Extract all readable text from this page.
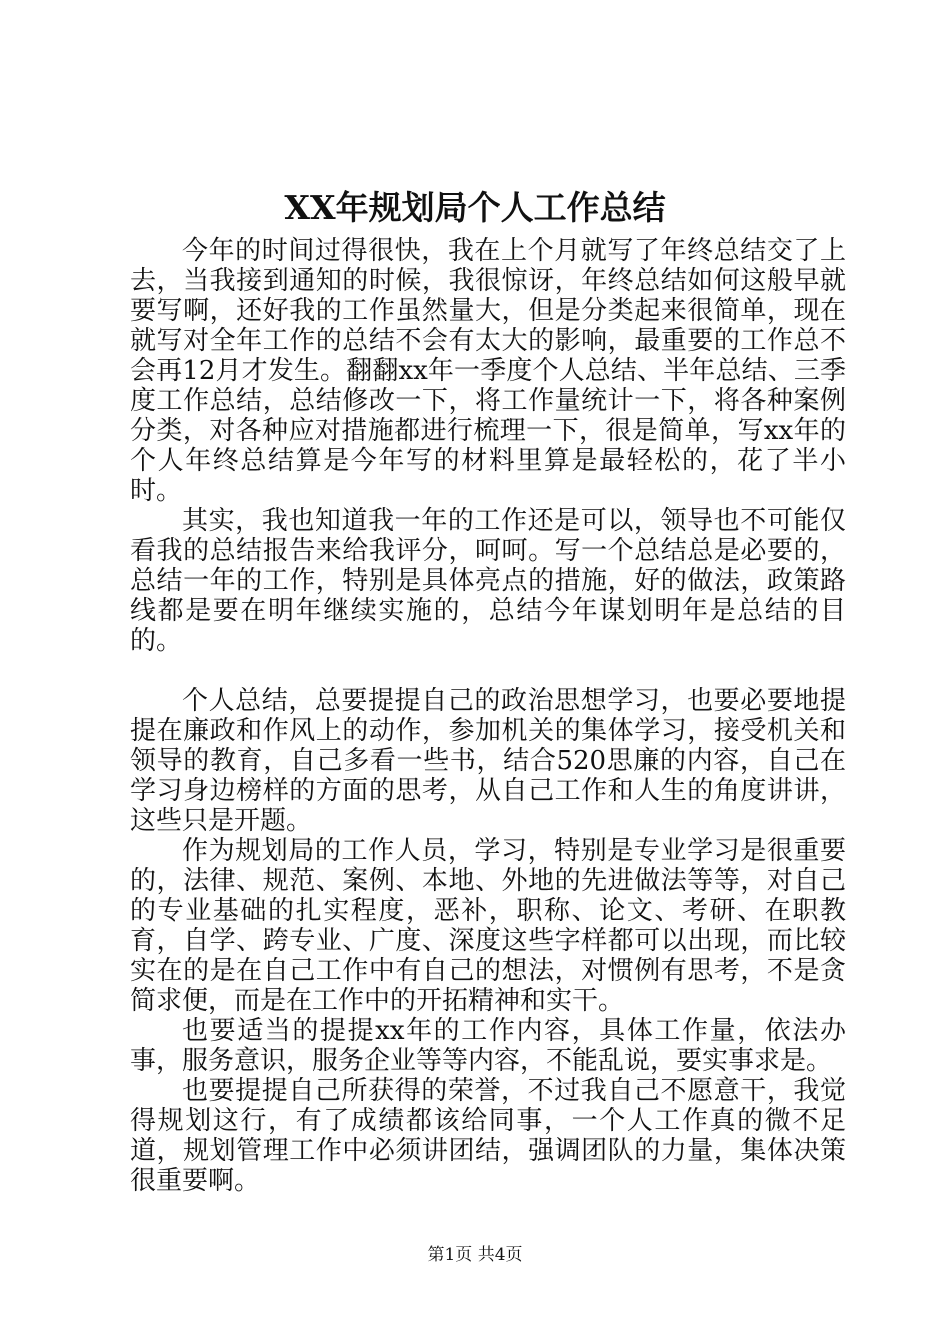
XX年规划局个人工作总结

今年的时间过得很快，我在上个月就写了年终总结交了上去，当我接到通知的时候，我很惊讶，年终总结如何这般早就要写啊，还好我的工作虽然量大，但是分类起来很简单，现在就写对全年工作的总结不会有太大的影响，最重要的工作总不会再12月才发生。翻翻xx年一季度个人总结、半年总结、三季度工作总结，总结修改一下，将工作量统计一下，将各种案例分类，对各种应对措施都进行梳理一下，很是简单，写xx年的个人年终总结算是今年写的材料里算是最轻松的，花了半小时。

其实，我也知道我一年的工作还是可以，领导也不可能仅看我的总结报告来给我评分，呵呵。写一个总结总是必要的，总结一年的工作，特别是具体亮点的措施，好的做法，政策路线都是要在明年继续实施的，总结今年谋划明年是总结的目的。

个人总结，总要提提自己的政治思想学习，也要必要地提提在廉政和作风上的动作，参加机关的集体学习，接受机关和领导的教育，自己多看一些书，结合520思廉的内容，自己在学习身边榜样的方面的思考，从自己工作和人生的角度讲讲，这些只是开题。

作为规划局的工作人员，学习，特别是专业学习是很重要的，法律、规范、案例、本地、外地的先进做法等等，对自己的专业基础的扎实程度，恶补，职称、论文、考研、在职教育，自学、跨专业、广度、深度这些字样都可以出现，而比较实在的是在自己工作中有自己的想法，对惯例有思考，不是贪简求便，而是在工作中的开拓精神和实干。

也要适当的提提xx年的工作内容，具体工作量，依法办事，服务意识，服务企业等等内容，不能乱说，要实事求是。

也要提提自己所获得的荣誉，不过我自己不愿意干，我觉得规划这行，有了成绩都该给同事，一个人工作真的微不足道，规划管理工作中必须讲团结，强调团队的力量，集体决策很重要啊。

第1页 共4页
